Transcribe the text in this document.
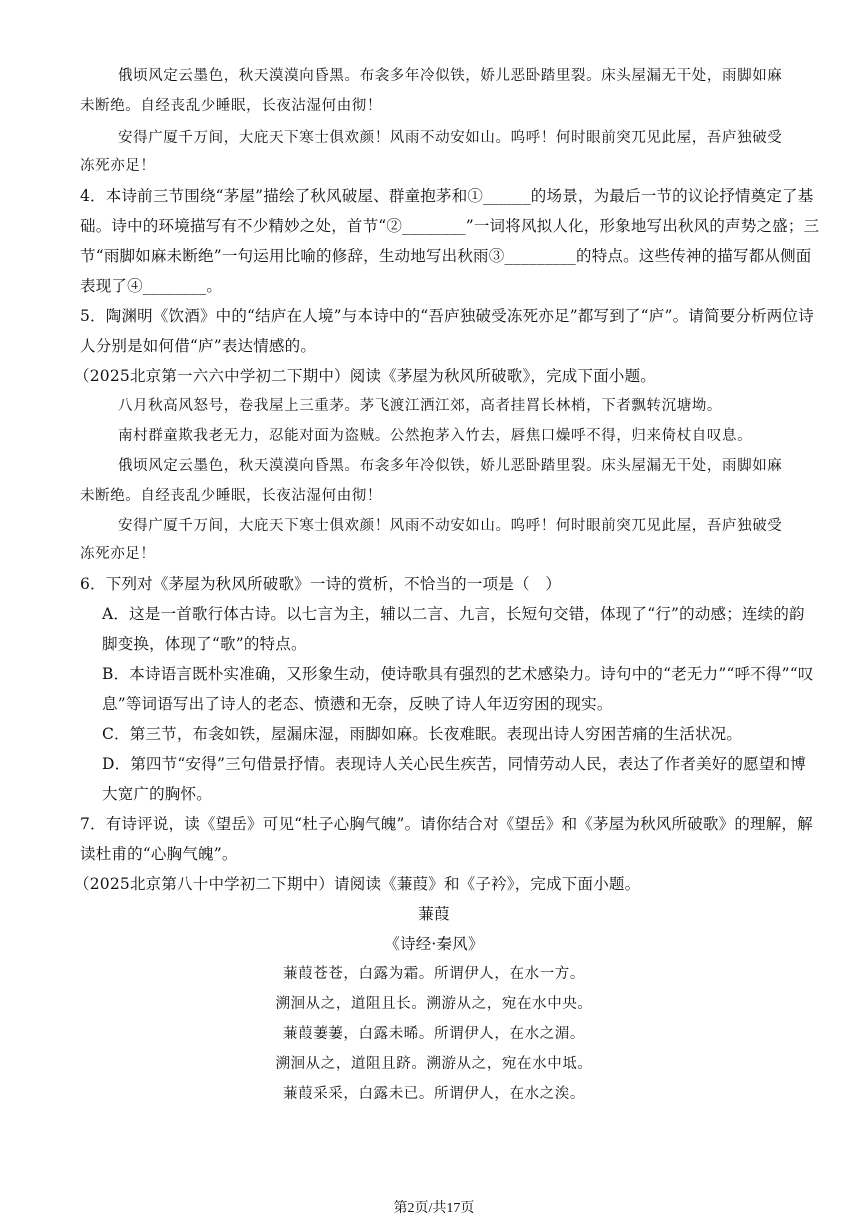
俄顷风定云墨色，秋天漠漠向昏黑。布衾多年冷似铁，娇儿恶卧踏里裂。床头屋漏无干处，雨脚如麻
未断绝。自经丧乱少睡眠，长夜沾湿何由彻！
安得广厦千万间，大庇天下寒士俱欢颜！风雨不动安如山。呜呼！何时眼前突兀见此屋，吾庐独破受
冻死亦足！
4．本诗前三节围绕“茅屋”描绘了秋风破屋、群童抱茅和①______的场景，为最后一节的议论抒情奠定了基
础。诗中的环境描写有不少精妙之处，首节“②________”一词将风拟人化，形象地写出秋风的声势之盛；三
节“雨脚如麻未断绝”一句运用比喻的修辞，生动地写出秋雨③_________的特点。这些传神的描写都从侧面
表现了④________。
5．陶渊明《饮酒》中的“结庐在人境”与本诗中的“吾庐独破受冻死亦足”都写到了“庐”。请简要分析两位诗
人分别是如何借“庐”表达情感的。
（2025北京第一六六中学初二下期中）阅读《茅屋为秋风所破歌》，完成下面小题。
八月秋高风怒号，卷我屋上三重茅。茅飞渡江洒江郊，高者挂罥长林梢，下者飘转沉塘坳。
南村群童欺我老无力，忍能对面为盗贼。公然抱茅入竹去，唇焦口燥呼不得，归来倚杖自叹息。
俄顷风定云墨色，秋天漠漠向昏黑。布衾多年冷似铁，娇儿恶卧踏里裂。床头屋漏无干处，雨脚如麻
未断绝。自经丧乱少睡眠，长夜沾湿何由彻！
安得广厦千万间，大庇天下寒士俱欢颜！风雨不动安如山。呜呼！何时眼前突兀见此屋，吾庐独破受
冻死亦足！
6．下列对《茅屋为秋风所破歌》一诗的赏析，不恰当的一项是（　）
A．这是一首歌行体古诗。以七言为主，辅以二言、九言，长短句交错，体现了“行”的动感；连续的韵
脚变换，体现了“歌”的特点。
B．本诗语言既朴实准确，又形象生动，使诗歌具有强烈的艺术感染力。诗句中的“老无力”“呼不得”“叹
息”等词语写出了诗人的老态、愤懑和无奈，反映了诗人年迈穷困的现实。
C．第三节，布衾如铁，屋漏床湿，雨脚如麻。长夜难眠。表现出诗人穷困苦痛的生活状况。
D．第四节“安得”三句借景抒情。表现诗人关心民生疾苦，同情劳动人民，表达了作者美好的愿望和博
大宽广的胸怀。
7．有诗评说，读《望岳》可见“杜子心胸气魄”。请你结合对《望岳》和《茅屋为秋风所破歌》的理解，解
读杜甫的“心胸气魄”。
（2025北京第八十中学初二下期中）请阅读《蒹葭》和《子衿》，完成下面小题。
蒹葭
《诗经·秦风》
蒹葭苍苍，白露为霜。所谓伊人，在水一方。
溯洄从之，道阻且长。溯游从之，宛在水中央。
蒹葭萋萋，白露未晞。所谓伊人，在水之湄。
溯洄从之，道阻且跻。溯游从之，宛在水中坻。
蒹葭采采，白露未已。所谓伊人，在水之涘。
第2页/共17页
